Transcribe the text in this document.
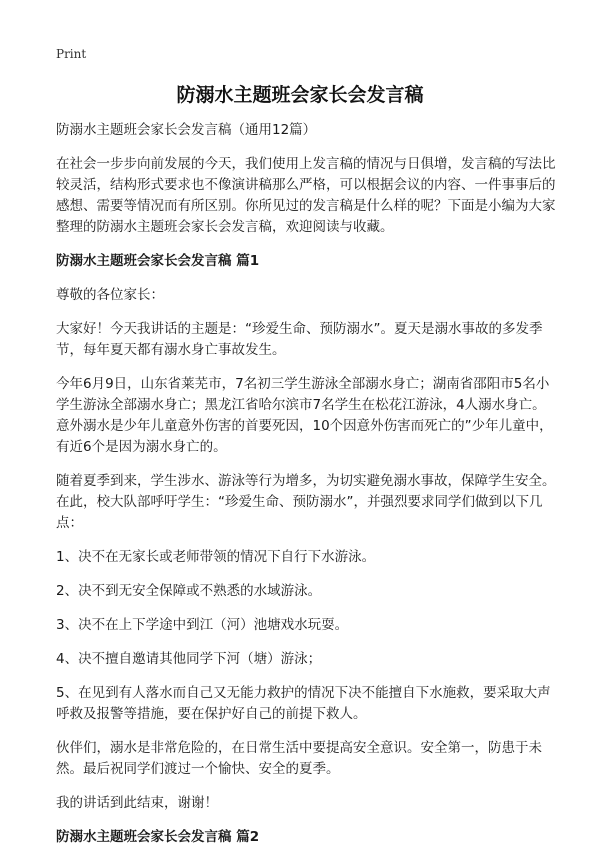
Print
防溺水主题班会家长会发言稿

防溺水主题班会家长会发言稿（通用12篇）

在社会一步步向前发展的今天，我们使用上发言稿的情况与日俱增，发言稿的写法比较灵活，结构形式要求也不像演讲稿那么严格，可以根据会议的内容、一件事事后的感想、需要等情况而有所区别。你所见过的发言稿是什么样的呢？下面是小编为大家整理的防溺水主题班会家长会发言稿，欢迎阅读与收藏。

防溺水主题班会家长会发言稿 篇1

尊敬的各位家长：

大家好！今天我讲话的主题是：“珍爱生命、预防溺水”。夏天是溺水事故的多发季节，每年夏天都有溺水身亡事故发生。

今年6月9日，山东省莱芜市，7名初三学生游泳全部溺水身亡；湖南省邵阳市5名小学生游泳全部溺水身亡；黑龙江省哈尔滨市7名学生在松花江游泳，4人溺水身亡。意外溺水是少年儿童意外伤害的首要死因，10个因意外伤害而死亡的”少年儿童中，有近6个是因为溺水身亡的。

随着夏季到来，学生涉水、游泳等行为增多，为切实避免溺水事故，保障学生安全。在此，校大队部呼吁学生：“珍爱生命、预防溺水”，并强烈要求同学们做到以下几点：

1、决不在无家长或老师带领的情况下自行下水游泳。

2、决不到无安全保障或不熟悉的水域游泳。

3、决不在上下学途中到江（河）池塘戏水玩耍。

4、决不擅自邀请其他同学下河（塘）游泳；

5、在见到有人落水而自己又无能力救护的情况下决不能擅自下水施救，要采取大声呼救及报警等措施，要在保护好自己的前提下救人。

伙伴们，溺水是非常危险的，在日常生活中要提高安全意识。安全第一，防患于未然。最后祝同学们渡过一个愉快、安全的夏季。

我的讲话到此结束，谢谢！

防溺水主题班会家长会发言稿 篇2
